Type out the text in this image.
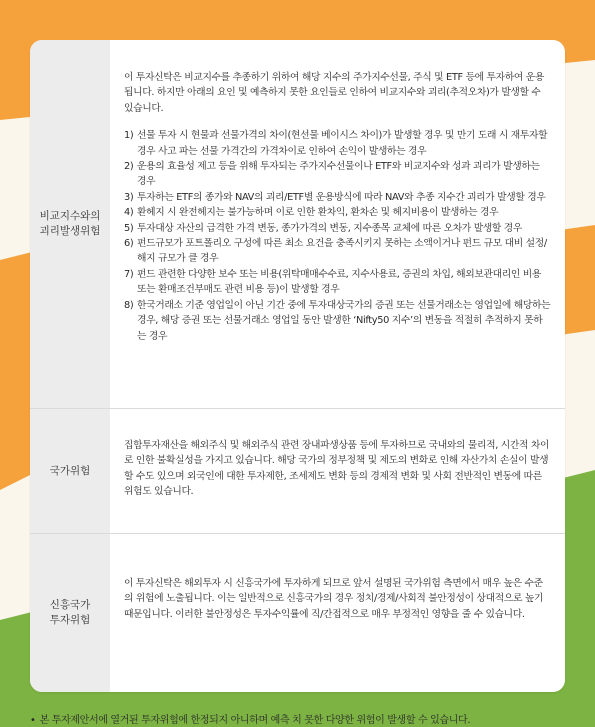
비교지수와의
괴리발생위험

이 투자신탁은 비교지수를 추종하기 위하여 해당 지수의 주가지수선물, 주식 및 ETF 등에 투자하여 운용됩니다. 하지만 아래의 요인 및 예측하지 못한 요인들로 인하여 비교지수와 괴리(추적오차)가 발생할 수 있습니다.

1) 선물 투자 시 현물과 선물가격의 차이(현선물 베이시스 차이)가 발생할 경우 및 만기 도래 시 재투자할 경우 사고 파는 선물 가격간의 가격차이로 인하여 손익이 발생하는 경우
2) 운용의 효율성 제고 등을 위해 투자되는 주가지수선물이나 ETF와 비교지수와 성과 괴리가 발생하는 경우
3) 투자하는 ETF의 종가와 NAV의 괴리/ETF별 운용방식에 따라 NAV와 추종 지수간 괴리가 발생할 경우
4) 환헤지 시 완전헤지는 불가능하며 이로 인한 환차익, 환차손 및 헤지비용이 발생하는 경우
5) 투자대상 자산의 급격한 가격 변동, 종가가격의 변동, 지수종목 교체에 따른 오차가 발생할 경우
6) 펀드규모가 포트폴리오 구성에 따른 최소 요건을 충족시키지 못하는 소액이거나 펀드 규모 대비 설정/해지 규모가 클 경우
7) 펀드 관련한 다양한 보수 또는 비용(위탁매매수수료, 지수사용료, 증권의 차입, 해외보관대리인 비용 또는 환매조건부매도 관련 비용 등)이 발생할 경우
8) 한국거래소 기준 영업일이 아닌 기간 중에 투자대상국가의 증권 또는 선물거래소는 영업일에 해당하는 경우, 해당 증권 또는 선물거래소 영업일 동안 발생한 ‘Nifty50 지수’의 변동을 적절히 추적하지 못하는 경우
국가위험

집합투자재산을 해외주식 및 해외주식 관련 장내파생상품 등에 투자하므로 국내와의 물리적, 시간적 차이로 인한 불확실성을 가지고 있습니다. 해당 국가의 정부정책 및 제도의 변화로 인해 자산가치 손실이 발생할 수도 있으며 외국인에 대한 투자제한, 조세제도 변화 등의 경제적 변화 및 사회 전반적인 변동에 따른 위험도 있습니다.

신흥국가
투자위험

이 투자신탁은 해외투자 시 신흥국가에 투자하게 되므로 앞서 설명된 국가위험 측면에서 매우 높은 수준의 위험에 노출됩니다. 이는 일반적으로 신흥국가의 경우 정치/경제/사회적 불안정성이 상대적으로 높기 때문입니다. 이러한 불안정성은 투자수익률에 직/간접적으로 매우 부정적인 영향을 줄 수 있습니다.

• 본 투자제안서에 열거된 투자위험에 한정되지 아니하며 예측 치 못한 다양한 위험이 발생할 수 있습니다.
